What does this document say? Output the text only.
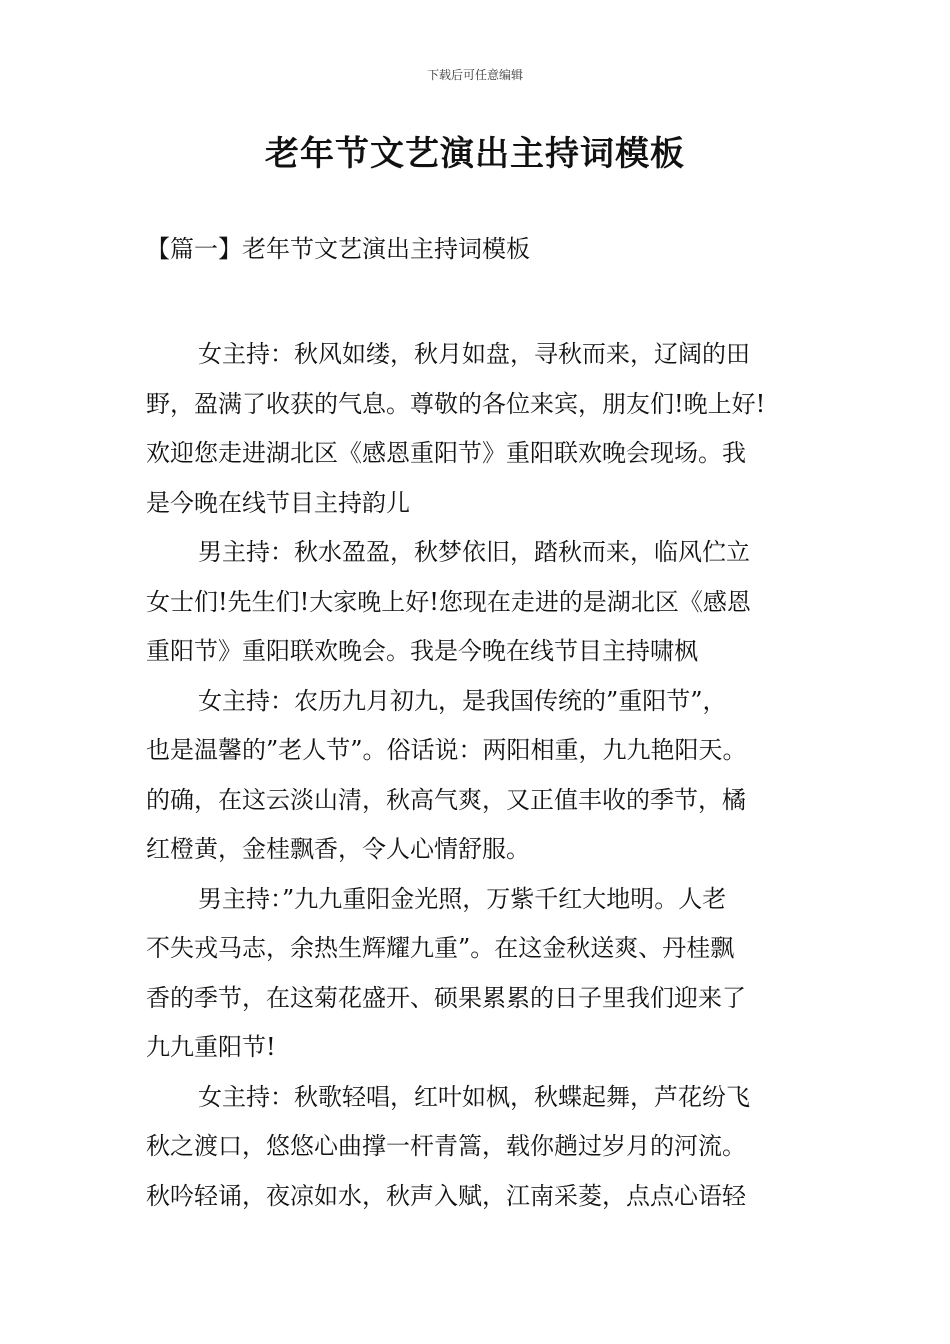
下载后可任意编辑
老年节文艺演出主持词模板
【篇一】老年节文艺演出主持词模板
女主持：秋风如缕，秋月如盘，寻秋而来，辽阔的田
野，盈满了收获的气息。尊敬的各位来宾，朋友们!晚上好!
欢迎您走进湖北区《感恩重阳节》重阳联欢晚会现场。我
是今晚在线节目主持韵儿
男主持：秋水盈盈，秋梦依旧，踏秋而来，临风伫立
女士们!先生们!大家晚上好!您现在走进的是湖北区《感恩
重阳节》重阳联欢晚会。我是今晚在线节目主持啸枫
女主持：农历九月初九，是我国传统的”重阳节”，
也是温馨的”老人节”。俗话说：两阳相重，九九艳阳天。
的确，在这云淡山清，秋高气爽，又正值丰收的季节，橘
红橙黄，金桂飘香，令人心情舒服。
男主持：”九九重阳金光照，万紫千红大地明。人老
不失戎马志，余热生辉耀九重”。在这金秋送爽、丹桂飘
香的季节，在这菊花盛开、硕果累累的日子里我们迎来了
九九重阳节!
女主持：秋歌轻唱，红叶如枫，秋蝶起舞，芦花纷飞
秋之渡口，悠悠心曲撑一杆青篙，载你趟过岁月的河流。
秋吟轻诵，夜凉如水，秋声入赋，江南采菱，点点心语轻
